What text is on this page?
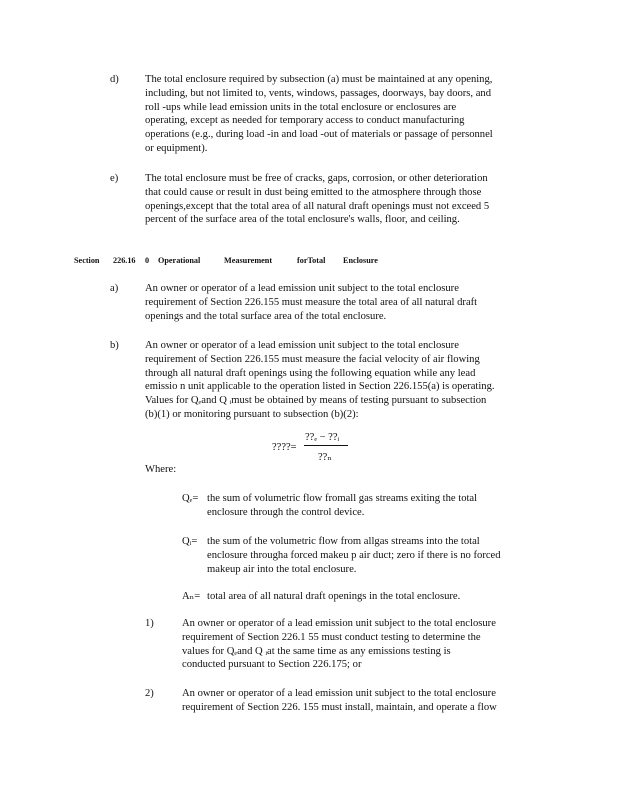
d) The total enclosure required by subsection (a) must be maintained at any opening,
including, but not limited to, vents, windows, passages, doorways, bay doors, and
roll -ups while lead emission units in the total enclosure or enclosures are
operating, except as needed for temporary access to conduct manufacturing
operations (e.g., during load -in and load -out of materials or passage of personnel
or equipment).
e)	The total enclosure must be free of cracks, gaps, corrosion, or other deterioration
that could cause or result in dust being emitted to the atmosphere through those
openings,except that the total area of all natural draft openings must not exceed 5
percent of the surface area of the total enclosure's walls, floor, and ceiling.
Section 226.16 0 Operational	Measurement	forTotal Enclosure
a)	An owner or operator of a lead emission unit subject to the total enclosure
requirement of Section 226.155 must measure the total area of all natural draft
openings and the total surface area of the total enclosure.
b) An owner or operator of a lead emission unit subject to the total enclosure
requirement of Section 226.155 must measure the facial velocity of air flowing
through all natural draft openings using the following equation while any lead
emissio n unit applicable to the operation listed in Section 226.155(a) is operating.
Values for Qₑand Q ᵢmust be obtained by means of testing pursuant to subsection
(b)(1) or monitoring pursuant to subsection (b)(2):
????=
??ₑ − ??ᵢ
??ₙ
Where:
Qₑ= the sum of volumetric flow fromall gas streams exiting the total
enclosure through the control device.
Qᵢ= the sum of the volumetric flow from allgas streams into the total
enclosure througha forced makeu p air duct; zero if there is no forced
makeup air into the total enclosure.
Aₙ= total area of all natural draft openings in the total enclosure.
1)	An owner or operator of a lead emission unit subject to the total enclosure
requirement of Section 226.1 55 must conduct testing to determine the
values for Qₑand Q ᵢat the same time as any emissions testing is
conducted pursuant to Section 226.175; or
2)	An owner or operator of a lead emission unit subject to the total enclosure
requirement of Section 226. 155 must install, maintain, and operate a flow
